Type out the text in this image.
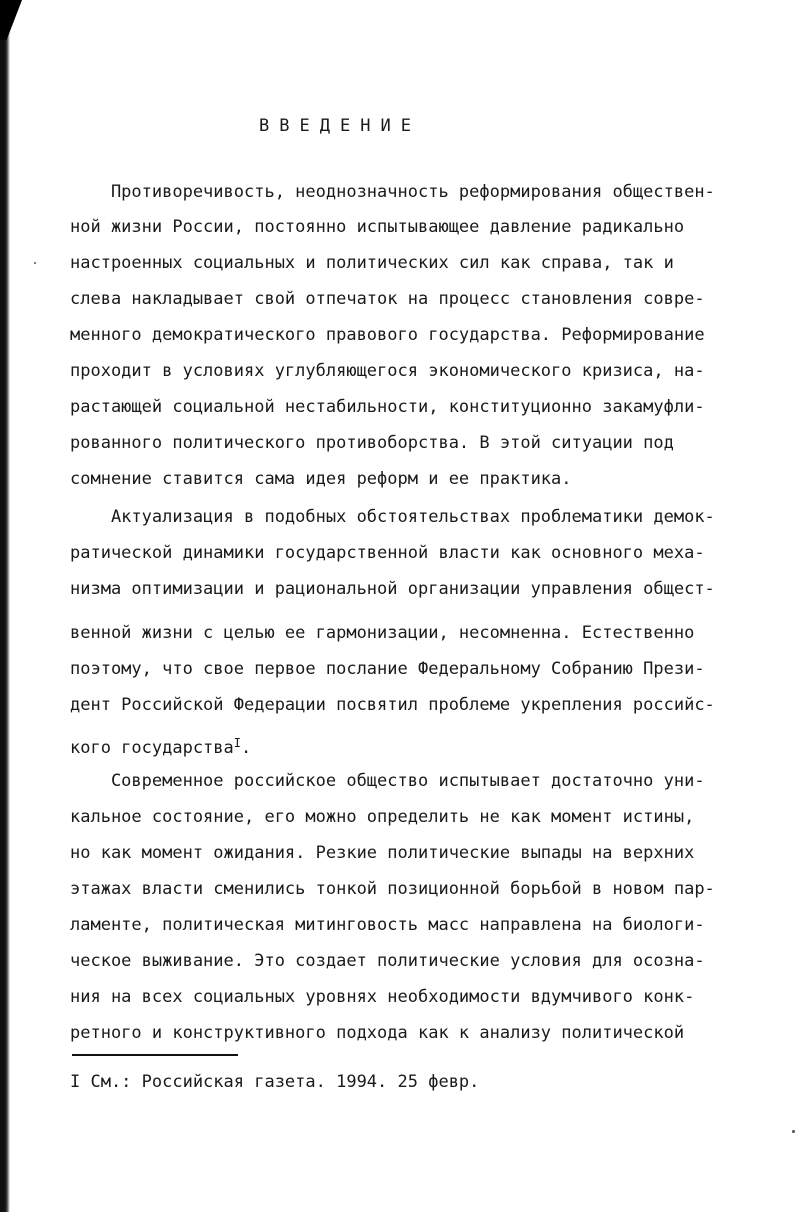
ВВЕДЕНИЕ
Противоречивость, неоднозначность реформирования обществен-
ной жизни России, постоянно испытывающее давление радикально
настроенных социальных и политических сил как справа, так и
слева накладывает свой отпечаток на процесс становления совре-
менного демократического правового государства. Реформирование
проходит в условиях углубляющегося экономического кризиса, на-
растающей социальной нестабильности, конституционно закамуфли-
рованного политического противоборства. В этой ситуации под
сомнение ставится сама идея реформ и ее практика.
Актуализация в подобных обстоятельствах проблематики демок-
ратической динамики государственной власти как основного меха-
низма оптимизации и рациональной организации управления общест-
венной жизни с целью ее гармонизации, несомненна. Естественно
поэтому, что свое первое послание Федеральному Собранию Прези-
дент Российской Федерации посвятил проблеме укрепления российс-
кого государства$^I$.
Современное российское общество испытывает достаточно уни-
кальное состояние, его можно определить не как момент истины,
но как момент ожидания. Резкие политические выпады на верхних
этажах власти сменились тонкой позиционной борьбой в новом пар-
ламенте, политическая митинговость масс направлена на биологи-
ческое выживание. Это создает политические условия для осозна-
ния на всех социальных уровнях необходимости вдумчивого конк-
ретного и конструктивного подхода как к анализу политической
I См.: Российская газета. 1994. 25 февр.
